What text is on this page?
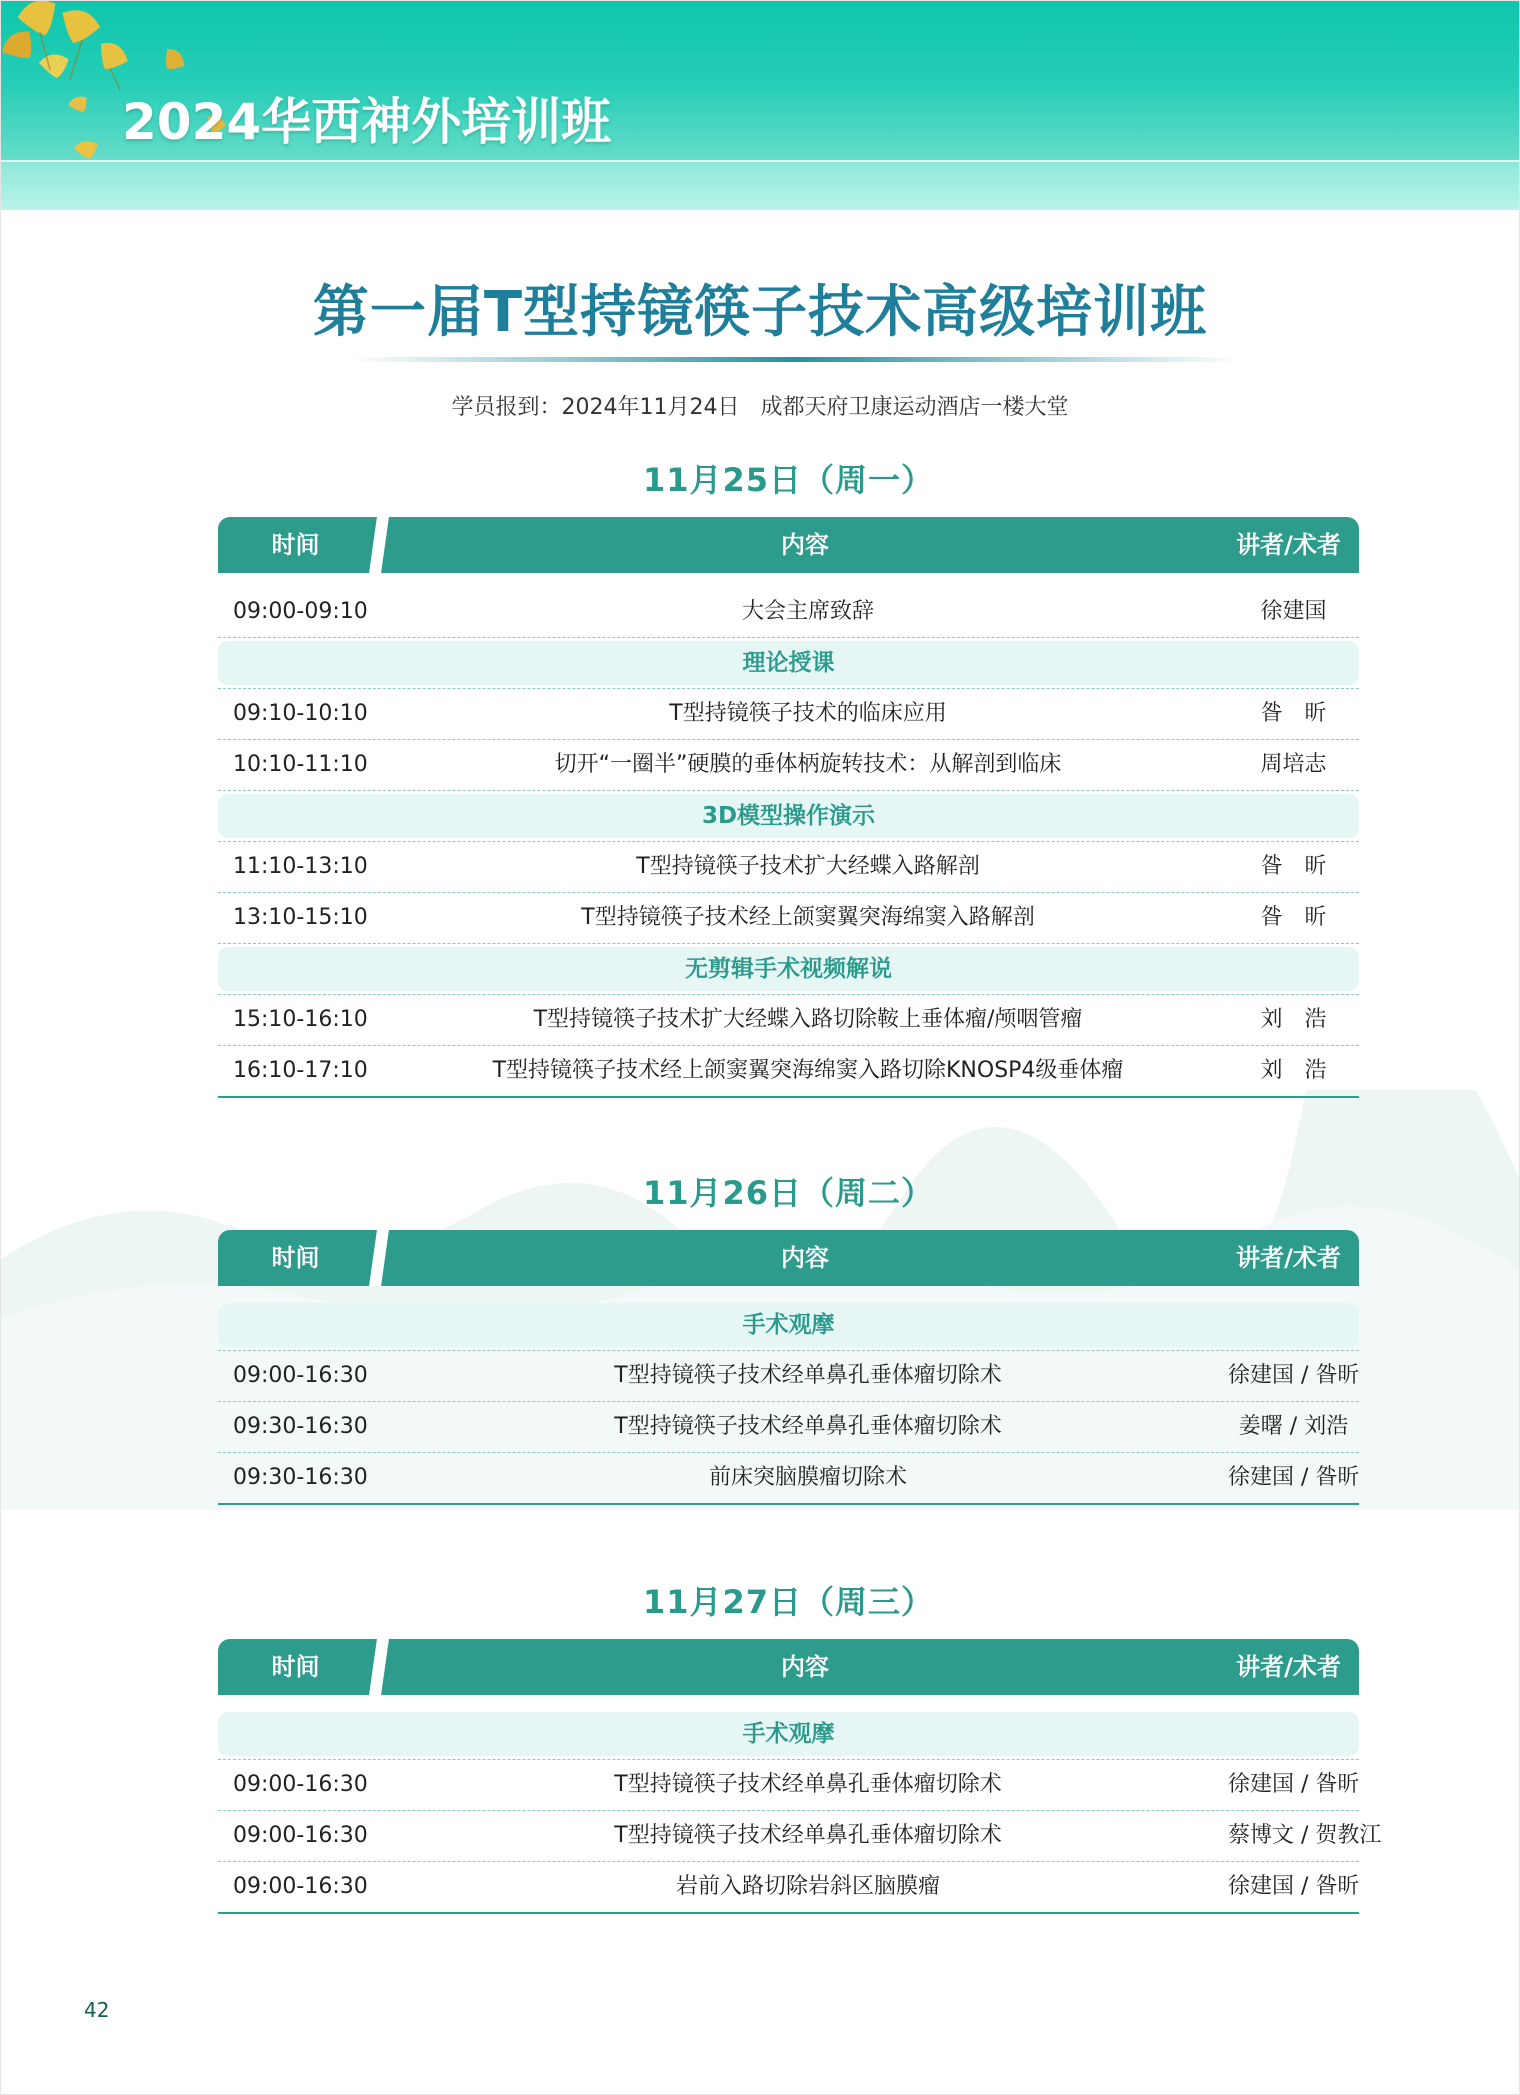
2024华西神外培训班
第一届T型持镜筷子技术高级培训班
学员报到：2024年11月24日 成都天府卫康运动酒店一楼大堂
11月25日（周一）
时间	内容	讲者/术者
09:00-09:10	大会主席致辞	徐建国
理论授课
09:10-10:10	T型持镜筷子技术的临床应用	昝　昕
10:10-11:10	切开“一圈半”硬膜的垂体柄旋转技术：从解剖到临床	周培志
3D模型操作演示
11:10-13:10	T型持镜筷子技术扩大经蝶入路解剖	昝　昕
13:10-15:10	T型持镜筷子技术经上颌窦翼突海绵窦入路解剖	昝　昕
无剪辑手术视频解说
15:10-16:10	T型持镜筷子技术扩大经蝶入路切除鞍上垂体瘤/颅咽管瘤	刘　浩
16:10-17:10	T型持镜筷子技术经上颌窦翼突海绵窦入路切除KNOSP4级垂体瘤	刘　浩
11月26日（周二）
时间	内容	讲者/术者
手术观摩
09:00-16:30	T型持镜筷子技术经单鼻孔垂体瘤切除术	徐建国 / 昝昕
09:30-16:30	T型持镜筷子技术经单鼻孔垂体瘤切除术	姜曙 / 刘浩
09:30-16:30	前床突脑膜瘤切除术	徐建国 / 昝昕
11月27日（周三）
时间	内容	讲者/术者
手术观摩
09:00-16:30	T型持镜筷子技术经单鼻孔垂体瘤切除术	徐建国 / 昝昕
09:00-16:30	T型持镜筷子技术经单鼻孔垂体瘤切除术	蔡博文 / 贺教江
09:00-16:30	岩前入路切除岩斜区脑膜瘤	徐建国 / 昝昕
42
